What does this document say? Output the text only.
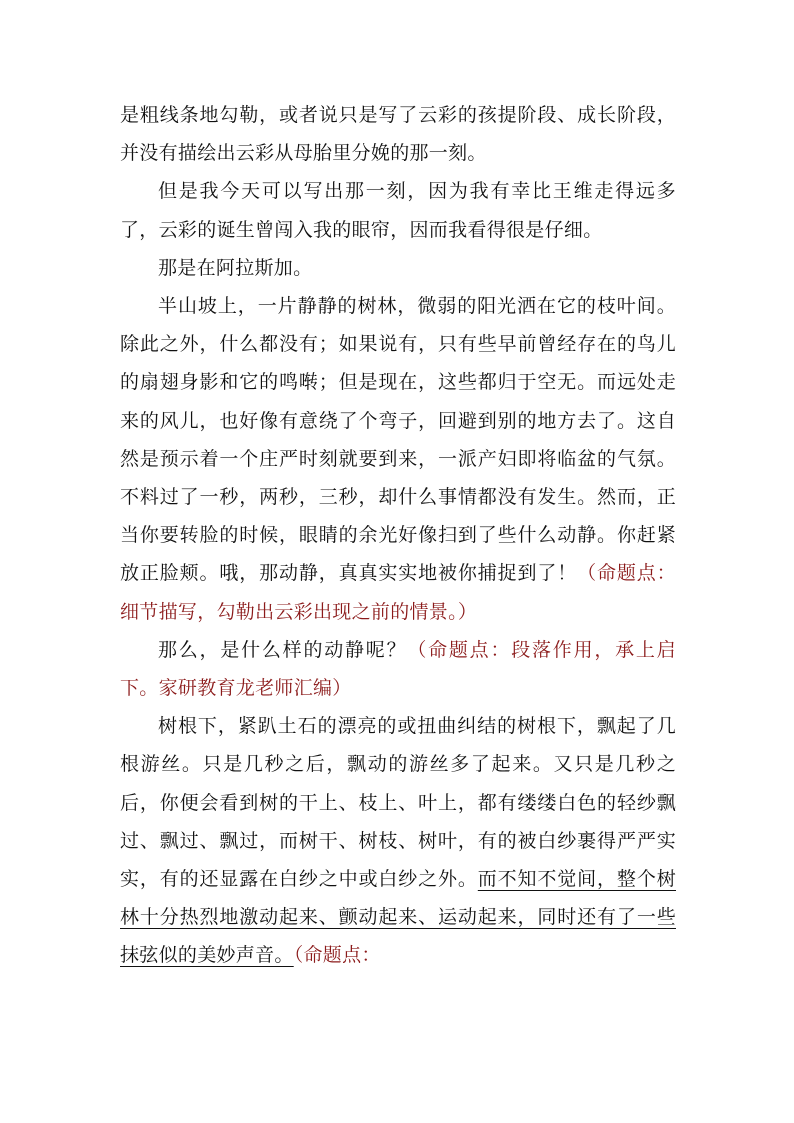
是粗线条地勾勒，或者说只是写了云彩的孩提阶段、成长阶段，并没有描绘出云彩从母胎里分娩的那一刻。

但是我今天可以写出那一刻，因为我有幸比王维走得远多了，云彩的诞生曾闯入我的眼帘，因而我看得很是仔细。

那是在阿拉斯加。

半山坡上，一片静静的树林，微弱的阳光洒在它的枝叶间。除此之外，什么都没有；如果说有，只有些早前曾经存在的鸟儿的扇翅身影和它的鸣啭；但是现在，这些都归于空无。而远处走来的风儿，也好像有意绕了个弯子，回避到别的地方去了。这自然是预示着一个庄严时刻就要到来，一派产妇即将临盆的气氛。不料过了一秒，两秒，三秒，却什么事情都没有发生。然而，正当你要转脸的时候，眼睛的余光好像扫到了些什么动静。你赶紧放正脸颊。哦，那动静，真真实实地被你捕捉到了！（命题点：细节描写，勾勒出云彩出现之前的情景。）

那么，是什么样的动静呢？（命题点：段落作用，承上启下。家研教育龙老师汇编）

树根下，紧趴土石的漂亮的或扭曲纠结的树根下，飘起了几根游丝。只是几秒之后，飘动的游丝多了起来。又只是几秒之后，你便会看到树的干上、枝上、叶上，都有缕缕白色的轻纱飘过、飘过、飘过，而树干、树枝、树叶，有的被白纱裹得严严实实，有的还显露在白纱之中或白纱之外。而不知不觉间，整个树林十分热烈地激动起来、颤动起来、运动起来，同时还有了一些抹弦似的美妙声音。（命题点：
